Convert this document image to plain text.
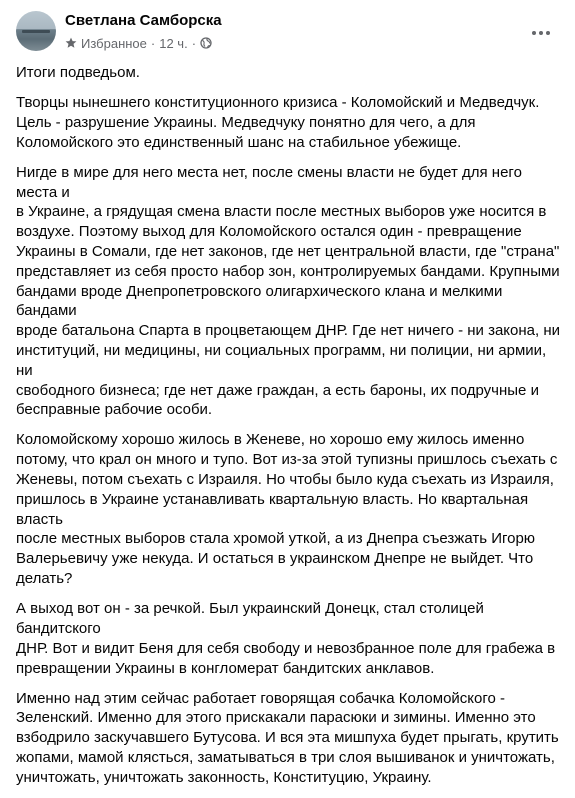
Светлана Самборска
Избранное · 12 ч. ·

Итоги подведьом.

Творцы нынешнего конституционного кризиса - Коломойский и Медведчук.
Цель - разрушение Украины. Медведчуку понятно для чего, а для
Коломойского это единственный шанс на стабильное убежище.

Нигде в мире для него места нет, после смены власти не будет для него места и
в Украине, а грядущая смена власти после местных выборов уже носится в
воздухе. Поэтому выход для Коломойского остался один - превращение
Украины в Сомали, где нет законов, где нет центральной власти, где "страна"
представляет из себя просто набор зон, контролируемых бандами. Крупными
бандами вроде Днепропетровского олигархического клана и мелкими бандами
вроде батальона Спарта в процветающем ДНР. Где нет ничего - ни закона, ни
институций, ни медицины, ни социальных программ, ни полиции, ни армии, ни
свободного бизнеса; где нет даже граждан, а есть бароны, их подручные и
бесправные рабочие особи.

Коломойскому хорошо жилось в Женеве, но хорошо ему жилось именно
потому, что крал он много и тупо. Вот из-за этой тупизны пришлось съехать с
Женевы, потом съехать с Израиля. Но чтобы было куда съехать из Израиля,
пришлось в Украине устанавливать квартальную власть. Но квартальная власть
после местных выборов стала хромой уткой, а из Днепра съезжать Игорю
Валерьевичу уже некуда. И остаться в украинском Днепре не выйдет. Что
делать?

А выход вот он - за речкой. Был украинский Донецк, стал столицей бандитского
ДНР. Вот и видит Беня для себя свободу и невозбранное поле для грабежа в
превращении Украины в конгломерат бандитских анклавов.

Именно над этим сейчас работает говорящая собачка Коломойского -
Зеленский. Именно для этого прискакали парасюки и зимины. Именно это
взбодрило заскучавшего Бутусова. И вся эта мишпуха будет прыгать, крутить
жопами, мамой клясться, заматываться в три слоя вышиванок и уничтожать,
уничтожать, уничтожать законность, Конституцию, Украину.
